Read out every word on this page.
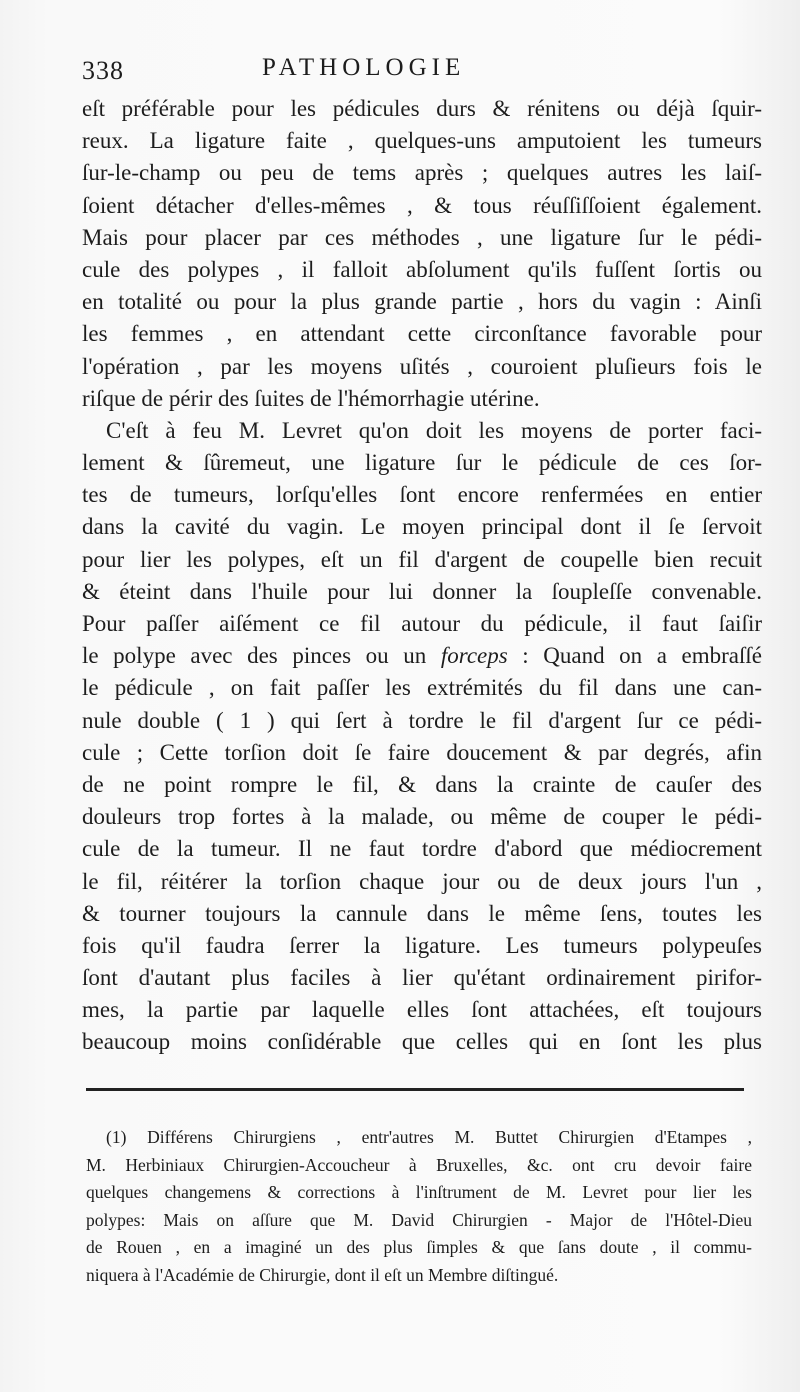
338	PATHOLOGIE
eſt préférable pour les pédicules durs & rénitens ou déjà ſquir-
reux. La ligature faite , quelques-uns amputoient les tumeurs
ſur-le-champ ou peu de tems après ; quelques autres les laiſ-
ſoient détacher d'elles-mêmes , & tous réuſſiſſoient également.
Mais pour placer par ces méthodes , une ligature ſur le pédi-
cule des polypes , il falloit abſolument qu'ils fuſſent ſortis ou
en totalité ou pour la plus grande partie , hors du vagin : Ainſi
les femmes , en attendant cette circonſtance favorable pour
l'opération , par les moyens uſités , couroient pluſieurs fois le
riſque de périr des ſuites de l'hémorrhagie utérine.
C'eſt à feu M. Levret qu'on doit les moyens de porter faci-
lement & ſûremeut, une ligature ſur le pédicule de ces ſor-
tes de tumeurs, lorſqu'elles ſont encore renfermées en entier
dans la cavité du vagin. Le moyen principal dont il ſe ſervoit
pour lier les polypes, eſt un fil d'argent de coupelle bien recuit
& éteint dans l'huile pour lui donner la ſoupleſſe convenable.
Pour paſſer aiſément ce fil autour du pédicule, il faut ſaiſir
le polype avec des pinces ou un forceps : Quand on a embraſſé
le pédicule , on fait paſſer les extrémités du fil dans une can-
nule double ( 1 ) qui ſert à tordre le fil d'argent ſur ce pédi-
cule ; Cette torſion doit ſe faire doucement & par degrés, afin
de ne point rompre le fil, & dans la crainte de cauſer des
douleurs trop fortes à la malade, ou même de couper le pédi-
cule de la tumeur. Il ne faut tordre d'abord que médiocrement
le fil, réitérer la torſion chaque jour ou de deux jours l'un ,
& tourner toujours la cannule dans le même ſens, toutes les
fois qu'il faudra ſerrer la ligature. Les tumeurs polypeuſes
ſont d'autant plus faciles à lier qu'étant ordinairement pirifor-
mes, la partie par laquelle elles ſont attachées, eſt toujours
beaucoup moins conſidérable que celles qui en ſont les plus
(1) Différens Chirurgiens , entr'autres M. Buttet Chirurgien d'Etampes ,
M. Herbiniaux Chirurgien-Accoucheur à Bruxelles, &c. ont cru devoir faire
quelques changemens & corrections à l'inſtrument de M. Levret pour lier les
polypes: Mais on aſſure que M. David Chirurgien - Major de l'Hôtel-Dieu
de Rouen , en a imaginé un des plus ſimples & que ſans doute , il commu-
niquera à l'Académie de Chirurgie, dont il eſt un Membre diſtingué.
